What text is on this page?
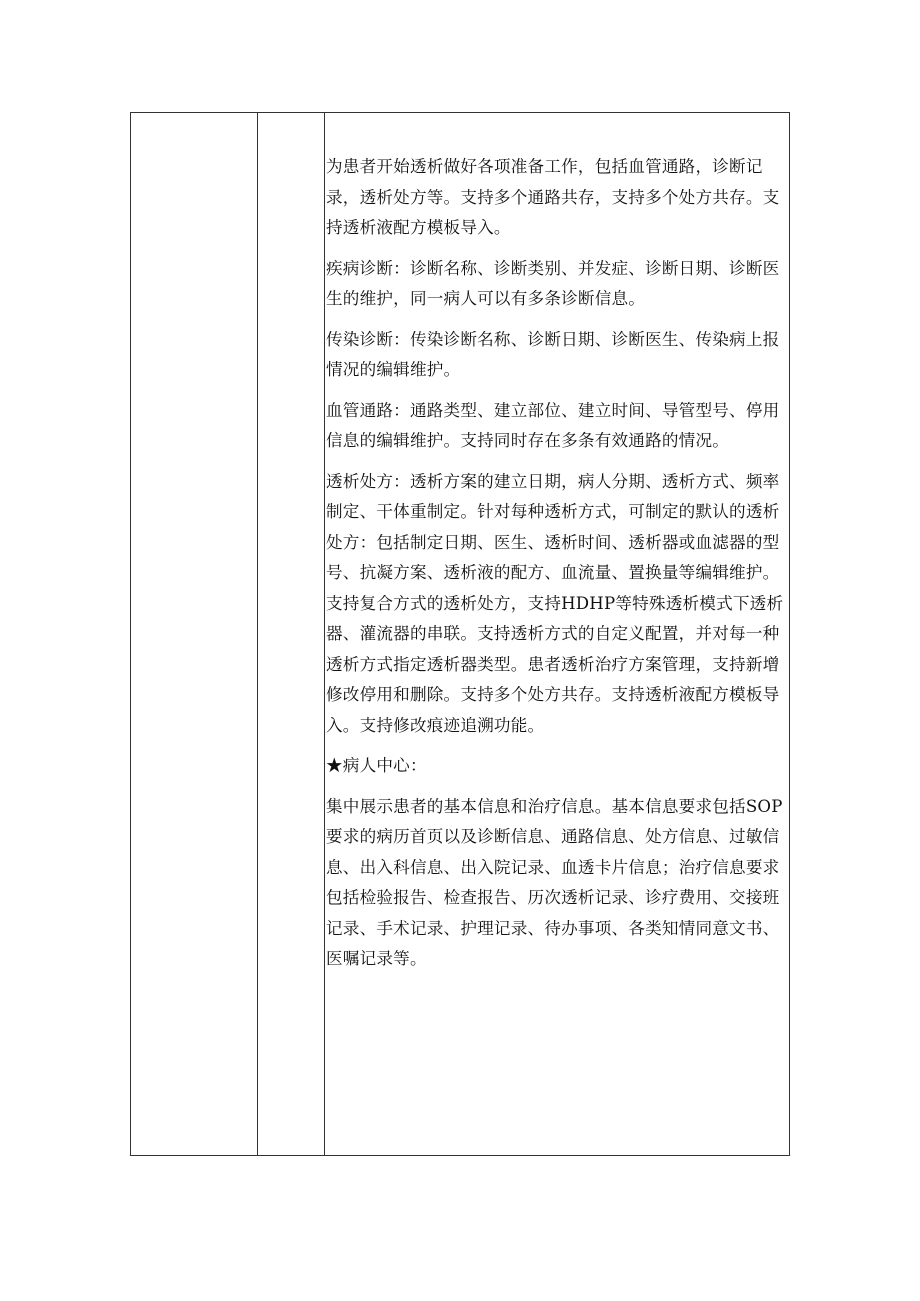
为患者开始透析做好各项准备工作，包括血管通路，诊断记录，透析处方等。支持多个通路共存，支持多个处方共存。支持透析液配方模板导入。

疾病诊断：诊断名称、诊断类别、并发症、诊断日期、诊断医生的维护，同一病人可以有多条诊断信息。

传染诊断：传染诊断名称、诊断日期、诊断医生、传染病上报情况的编辑维护。

血管通路：通路类型、建立部位、建立时间、导管型号、停用信息的编辑维护。支持同时存在多条有效通路的情况。

透析处方：透析方案的建立日期，病人分期、透析方式、频率制定、干体重制定。针对每种透析方式，可制定的默认的透析处方：包括制定日期、医生、透析时间、透析器或血滤器的型号、抗凝方案、透析液的配方、血流量、置换量等编辑维护。支持复合方式的透析处方，支持HDHP等特殊透析模式下透析器、灌流器的串联。支持透析方式的自定义配置，并对每一种透析方式指定透析器类型。患者透析治疗方案管理，支持新增修改停用和删除。支持多个处方共存。支持透析液配方模板导入。支持修改痕迹追溯功能。

★病人中心：

集中展示患者的基本信息和治疗信息。基本信息要求包括SOP要求的病历首页以及诊断信息、通路信息、处方信息、过敏信息、出入科信息、出入院记录、血透卡片信息；治疗信息要求包括检验报告、检查报告、历次透析记录、诊疗费用、交接班记录、手术记录、护理记录、待办事项、各类知情同意文书、医嘱记录等。
